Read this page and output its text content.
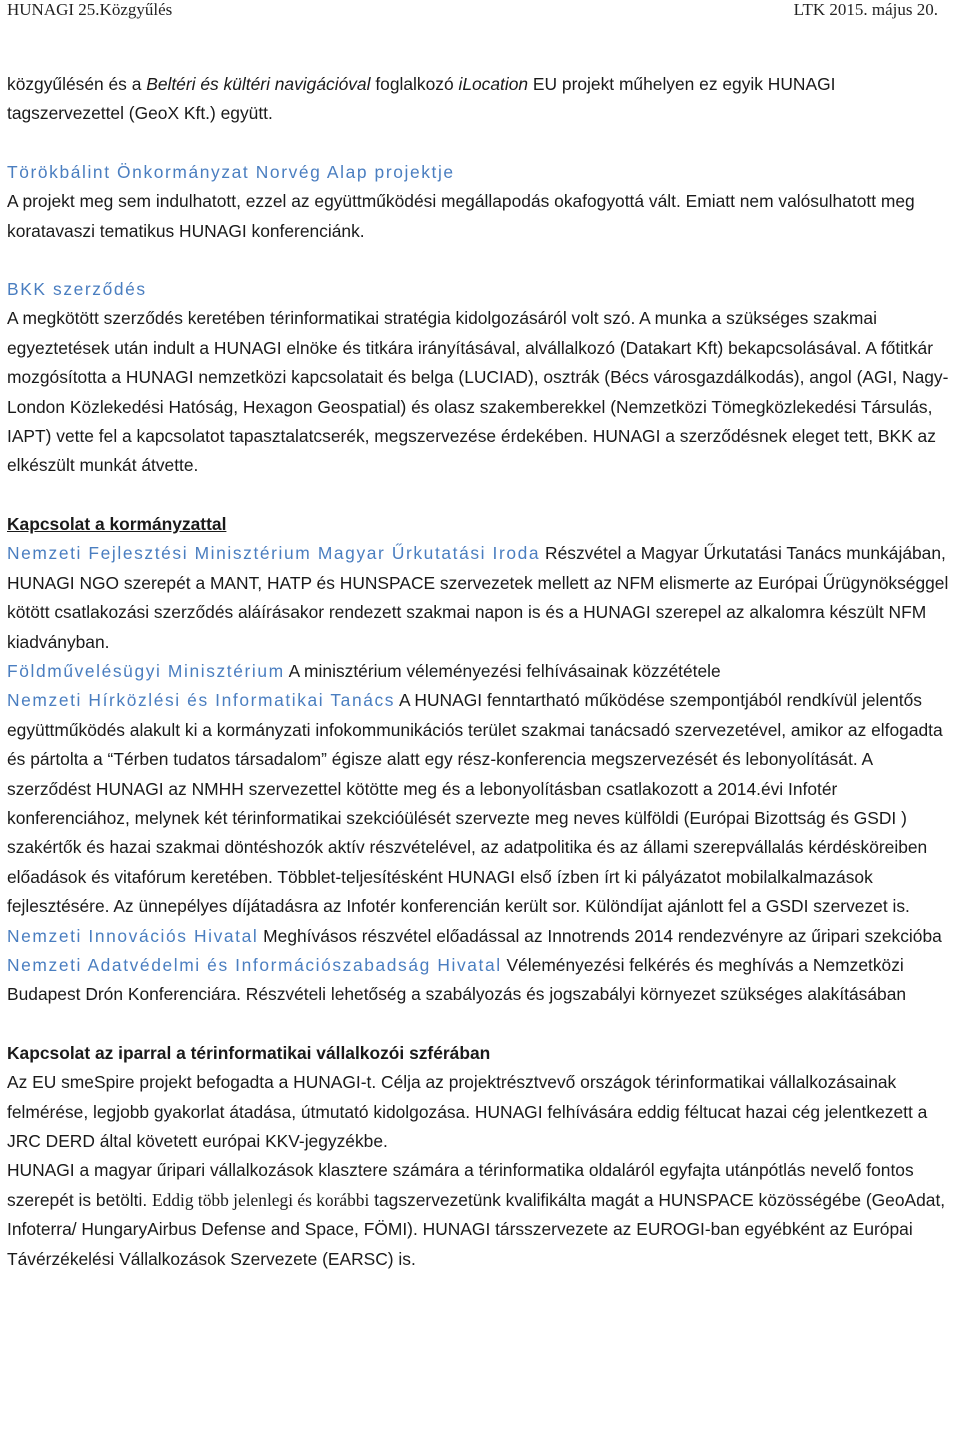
HUNAGI 25.Közgyűlés	LTK 2015. május 20.

közgyűlésén és a Beltéri és kültéri navigációval foglalkozó iLocation EU projekt műhelyen ez egyik HUNAGI tagszervezettel (GeoX Kft.) együtt.

Törökbálint Önkormányzat Norvég Alap projektje

A projekt meg sem indulhatott, ezzel az együttműködési megállapodás okafogyottá vált. Emiatt nem valósulhatott meg koratavaszi tematikus HUNAGI konferenciánk.

BKK szerződés

A megkötött szerződés keretében térinformatikai stratégia kidolgozásáról volt szó. A munka a szükséges szakmai egyeztetések után indult a HUNAGI elnöke és titkára irányításával, alvállalkozó (Datakart Kft) bekapcsolásával. A főtitkár mozgósította a HUNAGI nemzetközi kapcsolatait és belga (LUCIAD), osztrák (Bécs városgazdálkodás), angol (AGI, Nagy-London Közlekedési Hatóság, Hexagon Geospatial) és olasz szakemberekkel (Nemzetközi Tömegközlekedési Társulás, IAPT) vette fel a kapcsolatot tapasztalatcserék, megszervezése érdekében. HUNAGI a szerződésnek eleget tett, BKK az elkészült munkát átvette.

Kapcsolat a kormányzattal

Nemzeti Fejlesztési Minisztérium Magyar Űrkutatási Iroda Részvétel a Magyar Űrkutatási Tanács munkájában, HUNAGI NGO szerepét a MANT, HATP és HUNSPACE szervezetek mellett az NFM elismerte az Európai Űrügynökséggel kötött csatlakozási szerződés aláírásakor rendezett szakmai napon is és a HUNAGI szerepel az alkalomra készült NFM kiadványban.

Földművelésügyi Minisztérium A minisztérium véleményezési felhívásainak közzététele

Nemzeti Hírközlési és Informatikai Tanács A HUNAGI fenntartható működése szempontjából rendkívül jelentős együttműködés alakult ki a kormányzati infokommunikációs terület szakmai tanácsadó szervezetével, amikor az elfogadta és pártolta a “Térben tudatos társadalom” égisze alatt egy rész-konferencia megszervezését és lebonyolítását. A szerződést HUNAGI az NMHH szervezettel kötötte meg és a lebonyolításban csatlakozott a 2014.évi Infotér konferenciához, melynek két térinformatikai szekcióülését szervezte meg neves külföldi (Európai Bizottság és GSDI ) szakértők és hazai szakmai döntéshozók aktív részvételével, az adatpolitika és az állami szerepvállalás kérdésköreiben előadások és vitafórum keretében. Többlet-teljesítésként HUNAGI első ízben írt ki pályázatot mobilalkalmazások fejlesztésére. Az ünnepélyes díjátadásra az Infotér konferencián került sor. Különdíjat ajánlott fel a GSDI szervezet is.

Nemzeti Innovációs Hivatal Meghívásos részvétel előadással az Innotrends 2014 rendezvényre az űripari szekcióba

Nemzeti Adatvédelmi és Információszabadság Hivatal Véleményezési felkérés és meghívás a Nemzetközi Budapest Drón Konferenciára. Részvételi lehetőség a szabályozás és jogszabályi környezet szükséges alakításában

Kapcsolat az iparral a térinformatikai vállalkozói szférában

Az EU smeSpire projekt befogadta a HUNAGI-t. Célja az projektrésztvevő országok térinformatikai vállalkozásainak felmérése, legjobb gyakorlat átadása, útmutató kidolgozása. HUNAGI felhívására eddig féltucat hazai cég jelentkezett a JRC DERD által követett európai KKV-jegyzékbe.

HUNAGI a magyar űripari vállalkozások klasztere számára a térinformatika oldaláról egyfajta utánpótlás nevelő fontos szerepét is betölti. Eddig több jelenlegi és korábbi tagszervezetünk kvalifikálta magát a HUNSPACE közösségébe (GeoAdat, Infoterra/ HungaryAirbus Defense and Space, FÖMI). HUNAGI társszervezete az EUROGI-ban egyébként az Európai Távérzékelési Vállalkozások Szervezete (EARSC) is.
